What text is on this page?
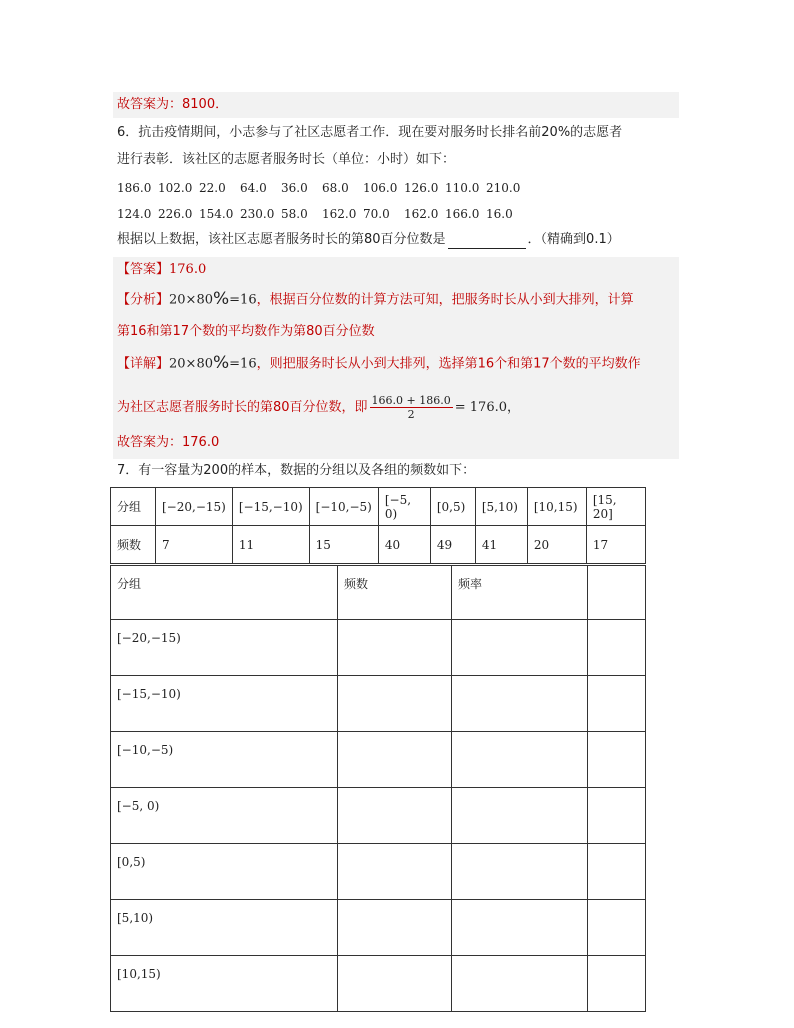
故答案为：8100．
6．抗击疫情期间，小志参与了社区志愿者工作．现在要对服务时长排名前20%的志愿者
进行表彰．该社区的志愿者服务时长（单位：小时）如下：
186.0 102.0 22.0 64.0 36.0 68.0 106.0 126.0 110.0 210.0
124.0 226.0 154.0 230.0 58.0 162.0 70.0 162.0 166.0 16.0
根据以上数据，该社区志愿者服务时长的第80百分位数是	．（精确到0.1）
【答案】176.0
【分析】20×80%=16，根据百分位数的计算方法可知，把服务时长从小到大排列，计算
第16和第17个数的平均数作为第80百分位数
【详解】20×80%=16，则把服务时长从小到大排列，选择第16个和第17个数的平均数作
为社区志愿者服务时长的第80百分位数，即 $\frac{166.0 + 186.0}{2} = 176.0$，
故答案为：176.0
7．有一容量为200的样本，数据的分组以及各组的频数如下：
分组	[−20,−15)	[−15,−10)	[−10,−5)	[−5, 0)	[0,5)	[5,10)	[10,15)	[15, 20]
频数	7	11	15	40	49	41	20	17
分组	频数	频率	
[−20,−15)			
[−15,−10)			
[−10,−5)			
[−5, 0)			
[0,5)			
[5,10)			
[10,15)			
